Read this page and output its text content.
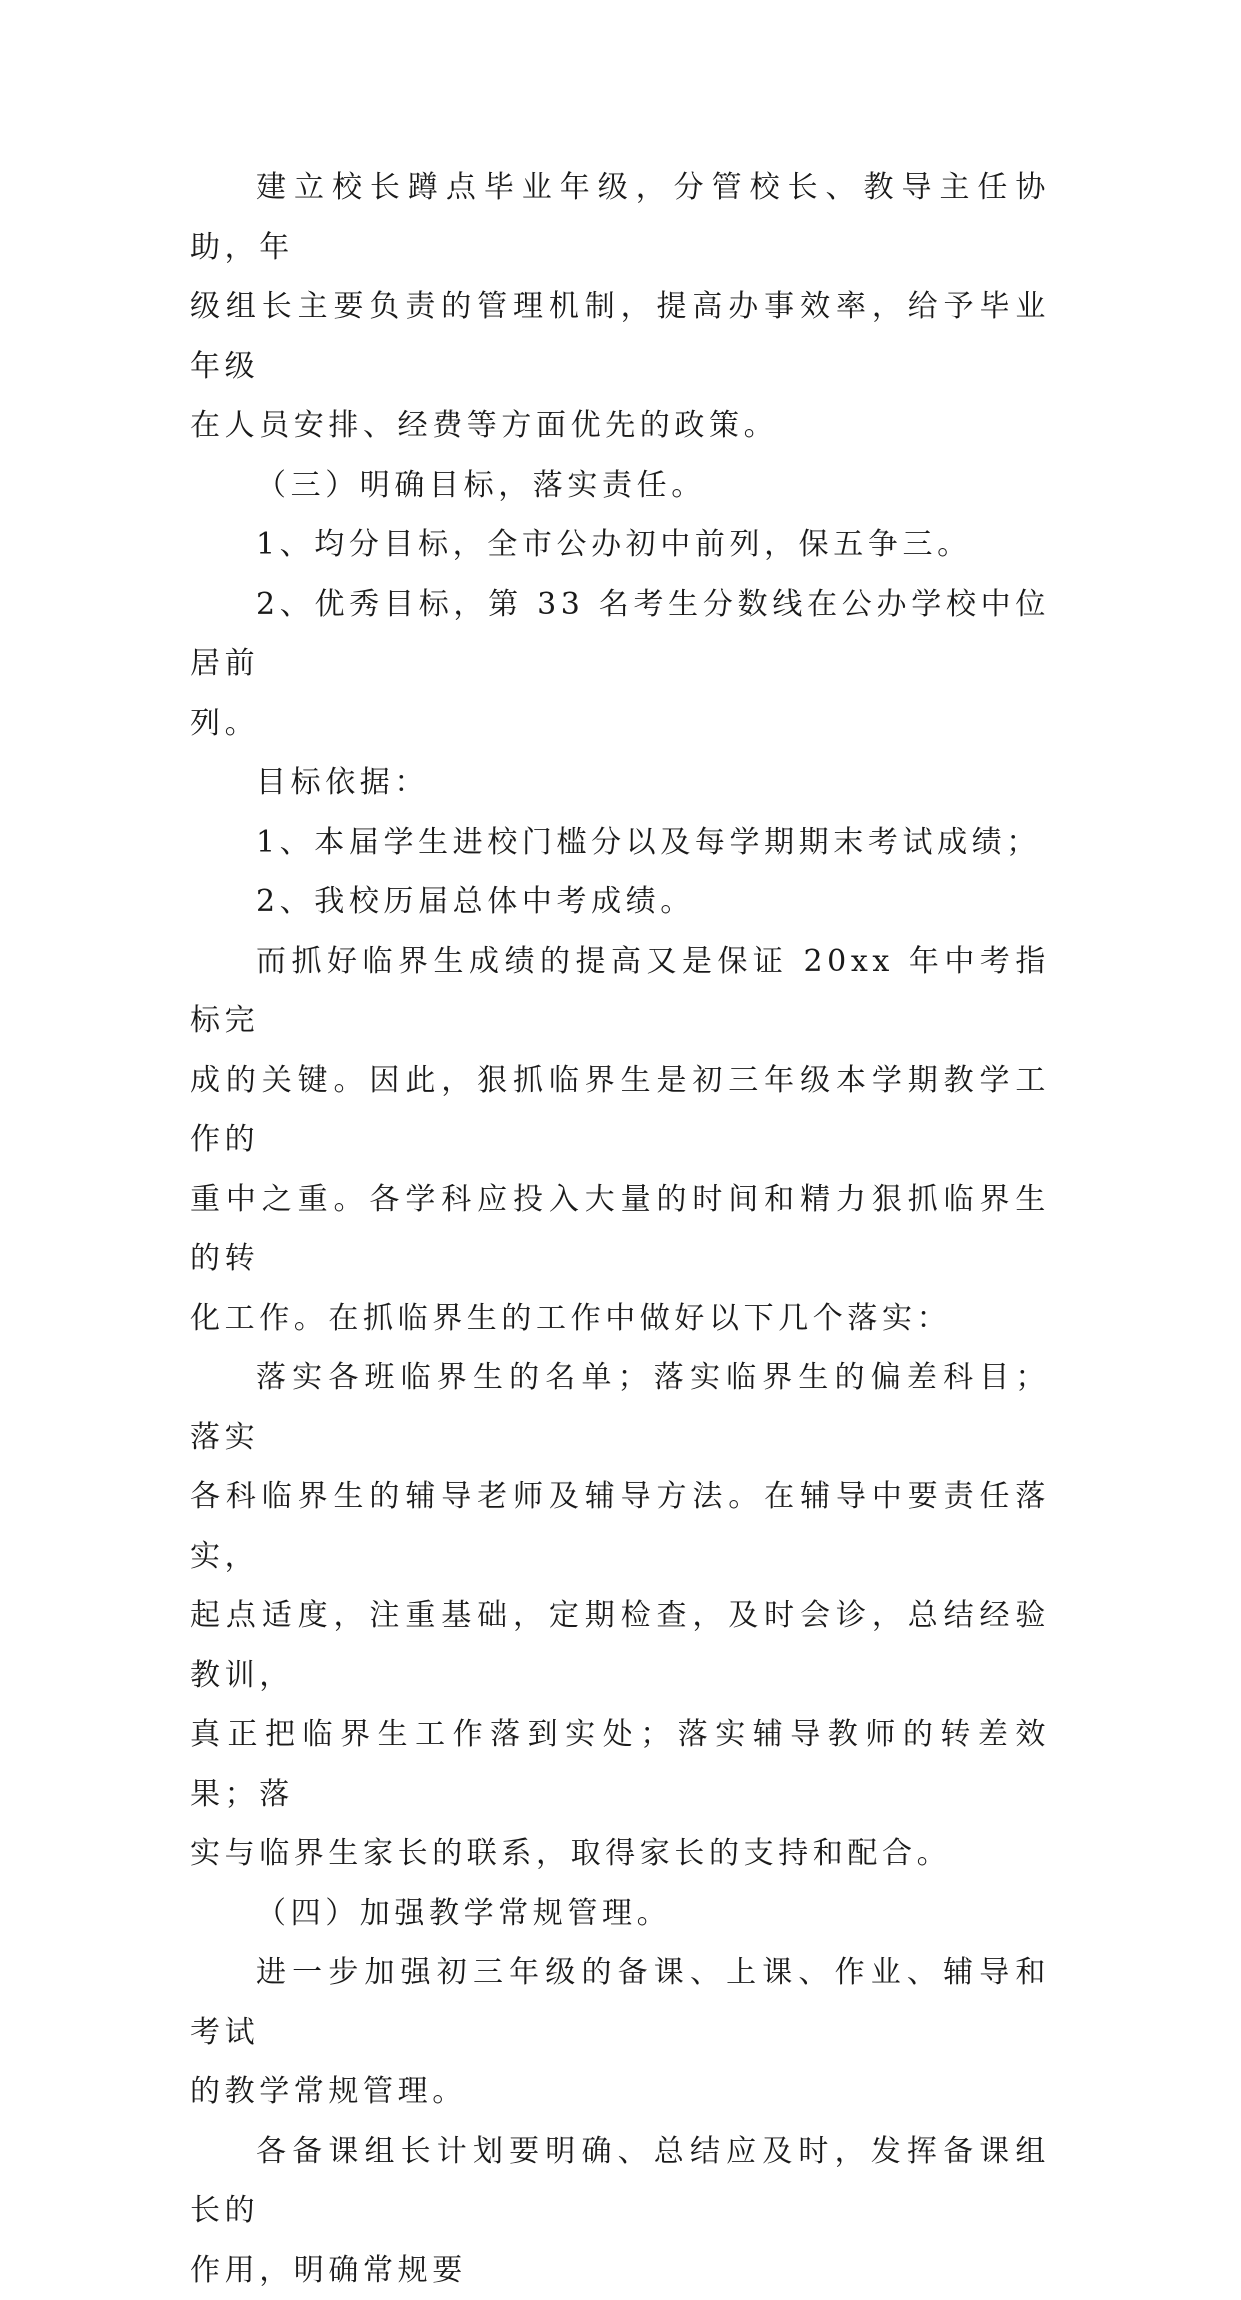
建立校长蹲点毕业年级，分管校长、教导主任协助，年
级组长主要负责的管理机制，提高办事效率，给予毕业年级
在人员安排、经费等方面优先的政策。
（三）明确目标，落实责任。
1、均分目标，全市公办初中前列，保五争三。
2、优秀目标，第 33 名考生分数线在公办学校中位居前
列。
目标依据：
1、本届学生进校门槛分以及每学期期末考试成绩；
2、我校历届总体中考成绩。
而抓好临界生成绩的提高又是保证 20xx 年中考指标完
成的关键。因此，狠抓临界生是初三年级本学期教学工作的
重中之重。各学科应投入大量的时间和精力狠抓临界生的转
化工作。在抓临界生的工作中做好以下几个落实：
落实各班临界生的名单；落实临界生的偏差科目；落实
各科临界生的辅导老师及辅导方法。在辅导中要责任落实，
起点适度，注重基础，定期检查，及时会诊，总结经验教训，
真正把临界生工作落到实处；落实辅导教师的转差效果；落
实与临界生家长的联系，取得家长的支持和配合。
（四）加强教学常规管理。
进一步加强初三年级的备课、上课、作业、辅导和考试
的教学常规管理。
各备课组长计划要明确、总结应及时，发挥备课组长的
作用，明确常规要
